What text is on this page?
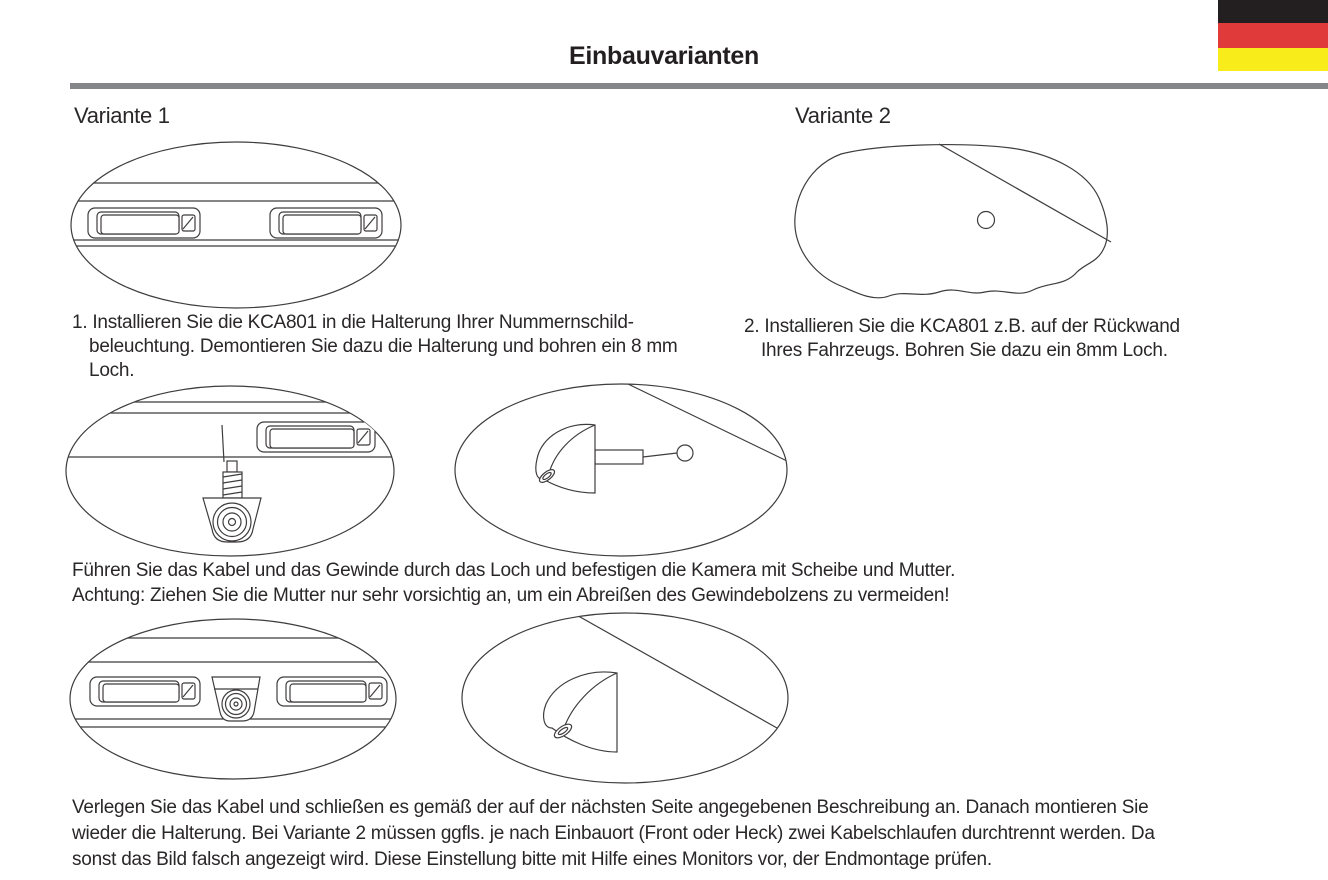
Einbauvarianten
Variante 1	Variante 2
1. Installieren Sie die KCA801 in die Halterung Ihrer Nummernschild-
beleuchtung. Demontieren Sie dazu die Halterung und bohren ein 8 mm
Loch.
2. Installieren Sie die KCA801 z.B. auf der Rückwand
Ihres Fahrzeugs. Bohren Sie dazu ein 8mm Loch.
Führen Sie das Kabel und das Gewinde durch das Loch und befestigen die Kamera mit Scheibe und Mutter.
Achtung: Ziehen Sie die Mutter nur sehr vorsichtig an, um ein Abreißen des Gewindebolzens zu vermeiden!
Verlegen Sie das Kabel und schließen es gemäß der auf der nächsten Seite angegebenen Beschreibung an. Danach montieren Sie
wieder die Halterung. Bei Variante 2 müssen ggfls. je nach Einbauort (Front oder Heck) zwei Kabelschlaufen durchtrennt werden. Da
sonst das Bild falsch angezeigt wird. Diese Einstellung bitte mit Hilfe eines Monitors vor, der Endmontage prüfen.
